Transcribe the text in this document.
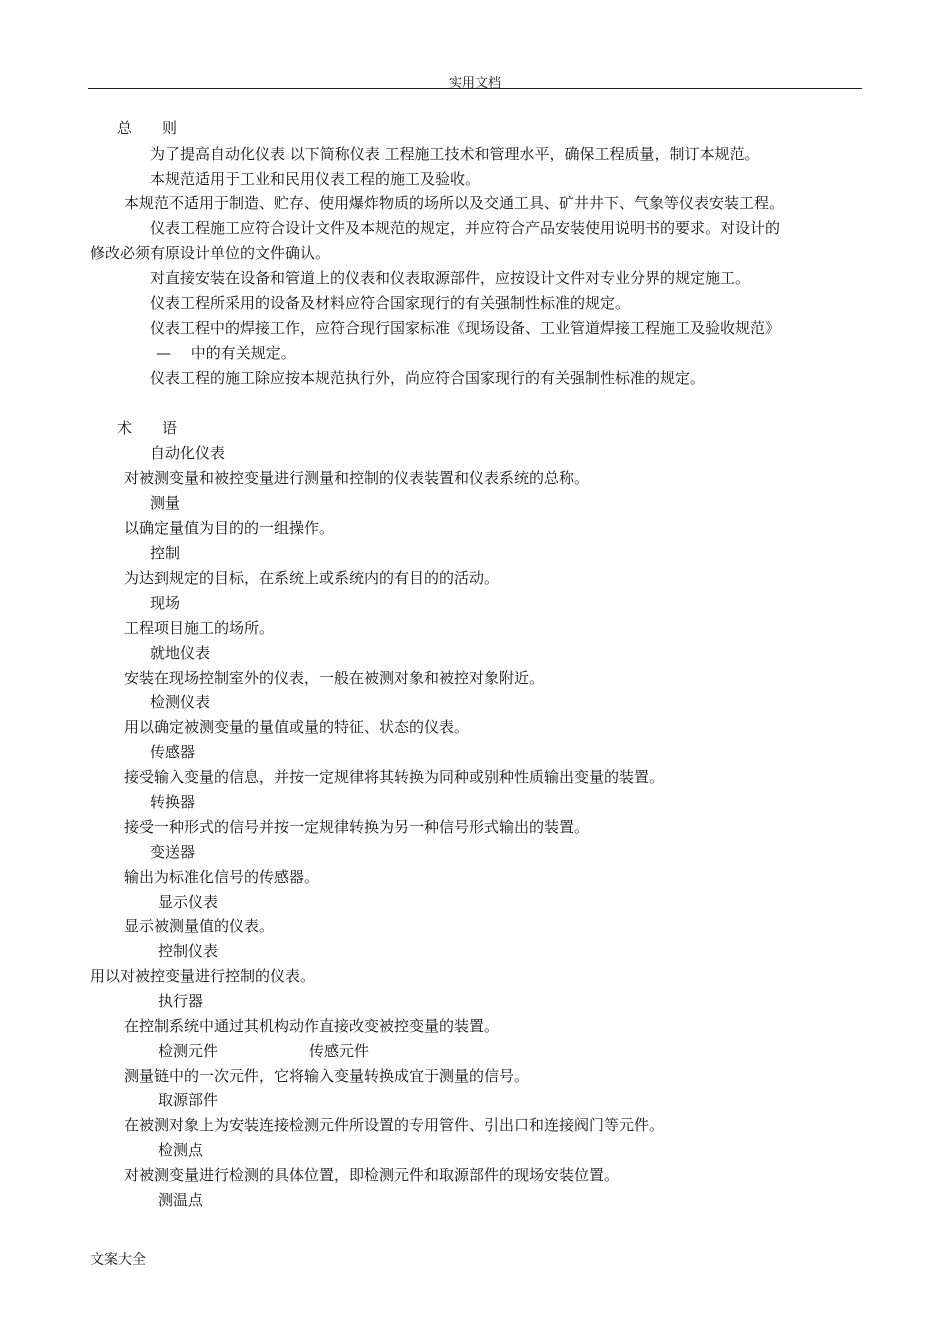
实用文档
总　　则
为了提高自动化仪表 以下简称仪表 工程施工技术和管理水平，确保工程质量，制订本规范。
本规范适用于工业和民用仪表工程的施工及验收。
本规范不适用于制造、贮存、使用爆炸物质的场所以及交通工具、矿井井下、气象等仪表安装工程。
仪表工程施工应符合设计文件及本规范的规定，并应符合产品安装使用说明书的要求。对设计的
修改必须有原设计单位的文件确认。
对直接安装在设备和管道上的仪表和仪表取源部件，应按设计文件对专业分界的规定施工。
仪表工程所采用的设备及材料应符合国家现行的有关强制性标准的规定。
仪表工程中的焊接工作，应符合现行国家标准《现场设备、工业管道焊接工程施工及验收规范》
—　 中的有关规定。
仪表工程的施工除应按本规范执行外，尚应符合国家现行的有关强制性标准的规定。
术　　语
自动化仪表
对被测变量和被控变量进行测量和控制的仪表装置和仪表系统的总称。
测量
以确定量值为目的的一组操作。
控制
为达到规定的目标，在系统上或系统内的有目的的活动。
现场
工程项目施工的场所。
就地仪表
安装在现场控制室外的仪表，一般在被测对象和被控对象附近。
检测仪表
用以确定被测变量的量值或量的特征、状态的仪表。
传感器
接受输入变量的信息，并按一定规律将其转换为同种或别种性质输出变量的装置。
转换器
接受一种形式的信号并按一定规律转换为另一种信号形式输出的装置。
变送器
输出为标准化信号的传感器。
显示仪表
显示被测量值的仪表。
控制仪表
用以对被控变量进行控制的仪表。
执行器
在控制系统中通过其机构动作直接改变被控变量的装置。
检测元件	传感元件
测量链中的一次元件，它将输入变量转换成宜于测量的信号。
取源部件
在被测对象上为安装连接检测元件所设置的专用管件、引出口和连接阀门等元件。
检测点
对被测变量进行检测的具体位置，即检测元件和取源部件的现场安装位置。
测温点
文案大全
